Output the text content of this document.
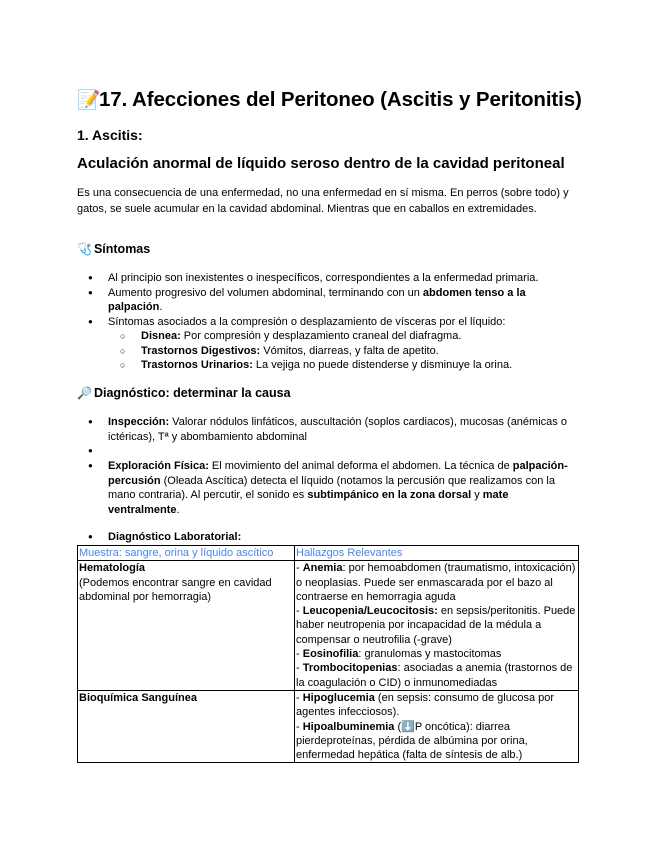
📝17. Afecciones del Peritoneo (Ascitis y Peritonitis)
1. Ascitis:
Aculación anormal de líquido seroso dentro de la cavidad peritoneal

Es una consecuencia de una enfermedad, no una enfermedad en sí misma. En perros (sobre todo) y gatos, se suele acumular en la cavidad abdominal. Mientras que en caballos en extremidades.

🩺 Síntomas
● Al principio son inexistentes o inespecíficos, correspondientes a la enfermedad primaria.
● Aumento progresivo del volumen abdominal, terminando con un abdomen tenso a la palpación.
● Síntomas asociados a la compresión o desplazamiento de vísceras por el líquido:
○ Disnea: Por compresión y desplazamiento craneal del diafragma.
○ Trastornos Digestivos: Vómitos, diarreas, y falta de apetito.
○ Trastornos Urinarios: La vejiga no puede distenderse y disminuye la orina.
🔎 Diagnóstico: determinar la causa
● Inspección: Valorar nódulos linfáticos, auscultación (soplos cardiacos), mucosas (anémicas o ictéricas), Tª y abombamiento abdominal
●
● Exploración Física: El movimiento del animal deforma el abdomen. La técnica de palpación-percusión (Oleada Ascítica) detecta el líquido (notamos la percusión que realizamos con la mano contraria). Al percutir, el sonido es subtimpánico en la zona dorsal y mate ventralmente.
● Diagnóstico Laboratorial:
Muestra: sangre, orina y líquido ascítico	Hallazgos Relevantes
Hematología
(Podemos encontrar sangre en cavidad abdominal por hemorragia)	- Anemia: por hemoabdomen (traumatismo, intoxicación) o neoplasias. Puede ser enmascarada por el bazo al contraerse en hemorragia aguda
- Leucopenia/Leucocitosis: en sepsis/peritonitis. Puede haber neutropenia por incapacidad de la médula a compensar o neutrofilia (-grave)
- Eosinofilia: granulomas y mastocitomas
- Trombocitopenias: asociadas a anemia (trastornos de la coagulación o CID) o inmunomediadas
Bioquímica Sanguínea	- Hipoglucemia (en sepsis: consumo de glucosa por agentes infecciosos).
- Hipoalbuminemia (⬇️P oncótica): diarrea pierdeproteínas, pérdida de albúmina por orina, enfermedad hepática (falta de síntesis de alb.)
